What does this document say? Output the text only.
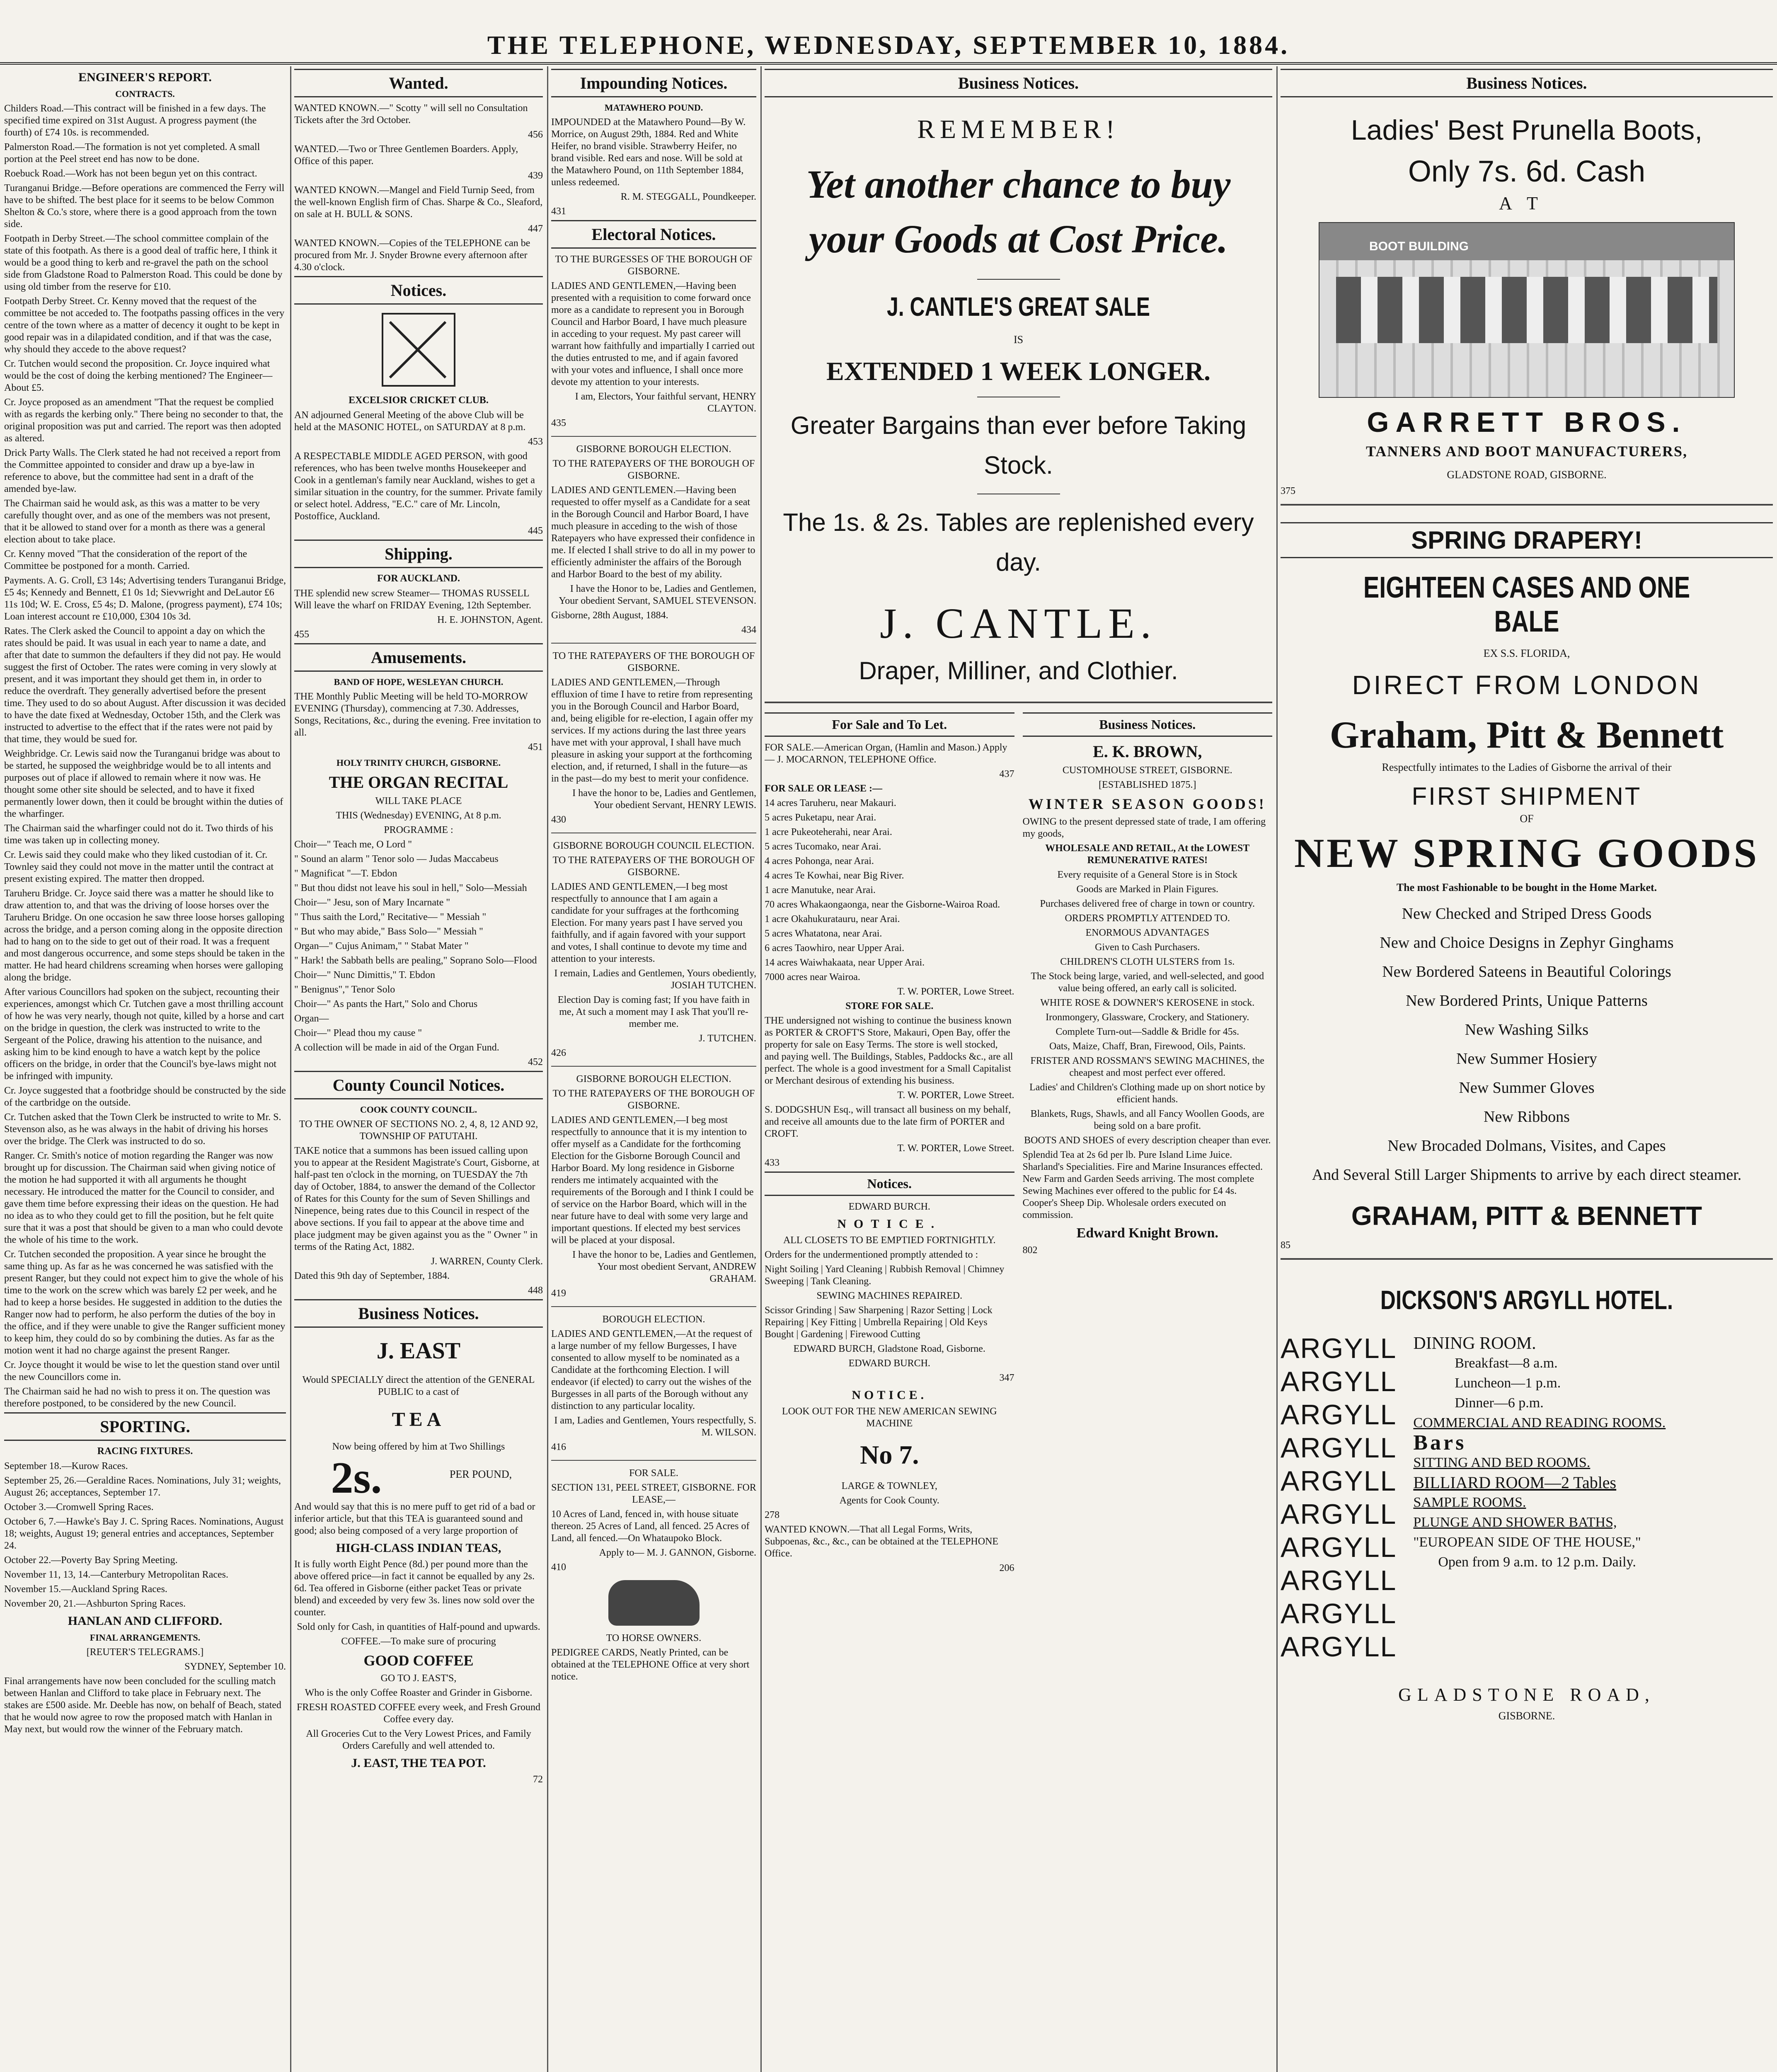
THE TELEPHONE, WEDNESDAY, SEPTEMBER 10, 1884.
ENGINEER'S REPORT.
CONTRACTS.

Childers Road.—This contract will be finished in a few days. The specified time expired on 31st August. A progress payment (the fourth) of £74 10s. is recommended.

Palmerston Road.—The formation is not yet completed. A small portion at the Peel street end has now to be done.

Roebuck Road.—Work has not been begun yet on this contract.

Turanganui Bridge.—Before operations are commenced the Ferry will have to be shifted. The best place for it seems to be below Common Shelton & Co.'s store, where there is a good approach from the town side.

Footpath in Derby Street.—The school committee complain of the state of this footpath. As there is a good deal of traffic here, I think it would be a good thing to kerb and re-gravel the path on the school side from Gladstone Road to Palmerston Road. This could be done by using old timber from the reserve for £10.

Footpath Derby Street. Cr. Kenny moved that the request of the committee be not acceded to. The footpaths passing offices in the very centre of the town where as a matter of decency it ought to be kept in good repair was in a dilapidated condition, and if that was the case, why should they accede to the above request?

Cr. Tutchen would second the proposition. Cr. Joyce inquired what would be the cost of doing the kerbing mentioned? The Engineer—About £5.

Cr. Joyce proposed as an amendment "That the request be complied with as regards the kerbing only." There being no seconder to that, the original proposition was put and carried. The report was then adopted as altered.

Drick Party Walls. The Clerk stated he had not received a report from the Committee appointed to consider and draw up a bye-law in reference to above, but the committee had sent in a draft of the amended bye-law.

The Chairman said he would ask, as this was a matter to be very carefully thought over, and as one of the members was not present, that it be allowed to stand over for a month as there was a general election about to take place.

Cr. Kenny moved "That the consideration of the report of the Committee be postponed for a month. Carried.

Payments. A. G. Croll, £3 14s; Advertising tenders Turanganui Bridge, £5 4s; Kennedy and Bennett, £1 0s 1d; Sievwright and DeLautor £6 11s 10d; W. E. Cross, £5 4s; D. Malone, (progress payment), £74 10s; Loan interest account re £10,000, £304 10s 3d.

Rates. The Clerk asked the Council to appoint a day on which the rates should be paid. It was usual in each year to name a date, and after that date to summon the defaulters if they did not pay. He would suggest the first of October. The rates were coming in very slowly at present, and it was important they should get them in, in order to reduce the overdraft. They generally advertised before the present time. They used to do so about August. After discussion it was decided to have the date fixed at Wednesday, October 15th, and the Clerk was instructed to advertise to the effect that if the rates were not paid by that time, they would be sued for.

Weighbridge. Cr. Lewis said now the Turanganui bridge was about to be started, he supposed the weighbridge would be to all intents and purposes out of place if allowed to remain where it now was. He thought some other site should be selected, and to have it fixed permanently lower down, then it could be brought within the duties of the wharfinger.

The Chairman said the wharfinger could not do it. Two thirds of his time was taken up in collecting money.

Cr. Lewis said they could make who they liked custodian of it. Cr. Townley said they could not move in the matter until the contract at present existing expired. The matter then dropped.

Taruheru Bridge. Cr. Joyce said there was a matter he should like to draw attention to, and that was the driving of loose horses over the Taruheru Bridge. On one occasion he saw three loose horses galloping across the bridge, and a person coming along in the opposite direction had to hang on to the side to get out of their road. It was a frequent and most dangerous occurrence, and some steps should be taken in the matter. He had heard childrens screaming when horses were galloping along the bridge.

After various Councillors had spoken on the subject, recounting their experiences, amongst which Cr. Tutchen gave a most thrilling account of how he was very nearly, though not quite, killed by a horse and cart on the bridge in question, the clerk was instructed to write to the Sergeant of the Police, drawing his attention to the nuisance, and asking him to be kind enough to have a watch kept by the police officers on the bridge, in order that the Council's bye-laws might not be infringed with impunity.

Cr. Joyce suggested that a footbridge should be constructed by the side of the cartbridge on the outside.

Cr. Tutchen asked that the Town Clerk be instructed to write to Mr. S. Stevenson also, as he was always in the habit of driving his horses over the bridge. The Clerk was instructed to do so.

Ranger. Cr. Smith's notice of motion regarding the Ranger was now brought up for discussion. The Chairman said when giving notice of the motion he had supported it with all arguments he thought necessary. He introduced the matter for the Council to consider, and gave them time before expressing their ideas on the question. He had no idea as to who they could get to fill the position, but he felt quite sure that it was a post that should be given to a man who could devote the whole of his time to the work.

Cr. Tutchen seconded the proposition. A year since he brought the same thing up. As far as he was concerned he was satisfied with the present Ranger, but they could not expect him to give the whole of his time to the work on the screw which was barely £2 per week, and he had to keep a horse besides. He suggested in addition to the duties the Ranger now had to perform, he also perform the duties of the boy in the office, and if they were unable to give the Ranger sufficient money to keep him, they could do so by combining the duties. As far as the motion went it had no charge against the present Ranger.

Cr. Joyce thought it would be wise to let the question stand over until the new Councillors come in.

The Chairman said he had no wish to press it on. The question was therefore postponed, to be considered by the new Council.

SPORTING.
RACING FIXTURES.
September 18.—Kurow Races.
September 25, 26.—Geraldine Races. Nominations, July 31; weights, August 26; acceptances, September 17.
October 3.—Cromwell Spring Races.
October 6, 7.—Hawke's Bay J. C. Spring Races. Nominations, August 18; weights, August 19; general entries and acceptances, September 24.
October 22.—Poverty Bay Spring Meeting.
November 11, 13, 14.—Canterbury Metropolitan Races.
November 15.—Auckland Spring Races.
November 20, 21.—Ashburton Spring Races.
HANLAN AND CLIFFORD.
FINAL ARRANGEMENTS.
[REUTER'S TELEGRAMS.]
SYDNEY, September 10.

Final arrangements have now been concluded for the sculling match between Hanlan and Clifford to take place in February next. The stakes are £500 aside. Mr. Deeble has now, on behalf of Beach, stated that he would now agree to row the proposed match with Hanlan in May next, but would row the winner of the February match.

Wanted.

WANTED KNOWN.—" Scotty " will sell no Consultation Tickets after the 3rd October.

456

WANTED.—Two or Three Gentlemen Boarders. Apply, Office of this paper.

439

WANTED KNOWN.—Mangel and Field Turnip Seed, from the well-known English firm of Chas. Sharpe & Co., Sleaford, on sale at H. BULL & SONS.

447

WANTED KNOWN.—Copies of the TELEPHONE can be procured from Mr. J. Snyder Browne every afternoon after 4.30 o'clock.

Notices.
EXCELSIOR CRICKET CLUB.

AN adjourned General Meeting of the above Club will be held at the MASONIC HOTEL, on SATURDAY at 8 p.m.

453

A RESPECTABLE MIDDLE AGED PERSON, with good references, who has been twelve months Housekeeper and Cook in a gentleman's family near Auckland, wishes to get a similar situation in the country, for the summer. Private family or select hotel. Address, "E.C." care of Mr. Lincoln, Postoffice, Auckland.

445
Shipping.
FOR AUCKLAND.

THE splendid new screw Steamer— THOMAS RUSSELL Will leave the wharf on FRIDAY Evening, 12th September.

H. E. JOHNSTON, Agent.
455
Amusements.
BAND OF HOPE, WESLEYAN CHURCH.

THE Monthly Public Meeting will be held TO-MORROW EVENING (Thursday), commencing at 7.30. Addresses, Songs, Recitations, &c., during the evening. Free invitation to all.

451
HOLY TRINITY CHURCH, GISBORNE.
THE ORGAN RECITAL
WILL TAKE PLACE
THIS (Wednesday) EVENING, At 8 p.m.
PROGRAMME :
Choir—" Teach me, O Lord "
" Sound an alarm " Tenor solo — Judas Maccabeus
" Magnificat "—T. Ebdon
" But thou didst not leave his soul in hell," Solo—Messiah
Choir—" Jesu, son of Mary Incarnate "
" Thus saith the Lord," Recitative— " Messiah "
" But who may abide," Bass Solo—" Messiah "
Organ—" Cujus Animam," " Stabat Mater "
" Hark! the Sabbath bells are pealing," Soprano Solo—Flood
Choir—" Nunc Dimittis," T. Ebdon
" Benignus"," Tenor Solo
Choir—" As pants the Hart," Solo and Chorus
Organ—
Choir—" Plead thou my cause "

A collection will be made in aid of the Organ Fund.

452
County Council Notices.
COOK COUNTY COUNCIL.
TO THE OWNER OF SECTIONS NO. 2, 4, 8, 12 AND 92, TOWNSHIP OF PATUTAHI.

TAKE notice that a summons has been issued calling upon you to appear at the Resident Magistrate's Court, Gisborne, at half-past ten o'clock in the morning, on TUESDAY the 7th day of October, 1884, to answer the demand of the Collector of Rates for this County for the sum of Seven Shillings and Ninepence, being rates due to this Council in respect of the above sections. If you fail to appear at the above time and place judgment may be given against you as the " Owner " in terms of the Rating Act, 1882.

J. WARREN, County Clerk.
Dated this 9th day of September, 1884.
448
Business Notices.
J. EAST
Would SPECIALLY direct the attention of the GENERAL PUBLIC to a cast of
TEA
Now being offered by him at Two Shillings
2s.	PER POUND,

And would say that this is no mere puff to get rid of a bad or inferior article, but that this TEA is guaranteed sound and good; also being composed of a very large proportion of

HIGH-CLASS INDIAN TEAS,

It is fully worth Eight Pence (8d.) per pound more than the above offered price—in fact it cannot be equalled by any 2s. 6d. Tea offered in Gisborne (either packet Teas or private blend) and exceeded by very few 3s. lines now sold over the counter.

Sold only for Cash, in quantities of Half-pound and upwards.
COFFEE.—To make sure of procuring
GOOD COFFEE
GO TO J. EAST'S,
Who is the only Coffee Roaster and Grinder in Gisborne.
FRESH ROASTED COFFEE every week, and Fresh Ground Coffee every day.
All Groceries Cut to the Very Lowest Prices, and Family Orders Carefully and well attended to.
J. EAST, THE TEA POT.
72
Impounding Notices.
MATAWHERO POUND.

IMPOUNDED at the Matawhero Pound—By W. Morrice, on August 29th, 1884. Red and White Heifer, no brand visible. Strawberry Heifer, no brand visible. Red ears and nose. Will be sold at the Matawhero Pound, on 11th September 1884, unless redeemed.

R. M. STEGGALL, Poundkeeper.
431
Electoral Notices.
TO THE BURGESSES OF THE BOROUGH OF GISBORNE.

LADIES AND GENTLEMEN,—Having been presented with a requisition to come forward once more as a candidate to represent you in Borough Council and Harbor Board, I have much pleasure in acceding to your request. My past career will warrant how faithfully and impartially I carried out the duties entrusted to me, and if again favored with your votes and influence, I shall once more devote my attention to your interests.

I am, Electors, Your faithful servant, HENRY CLAYTON.
435
GISBORNE BOROUGH ELECTION.
TO THE RATEPAYERS OF THE BOROUGH OF GISBORNE.

LADIES AND GENTLEMEN.—Having been requested to offer myself as a Candidate for a seat in the Borough Council and Harbor Board, I have much pleasure in acceding to the wish of those Ratepayers who have expressed their confidence in me. If elected I shall strive to do all in my power to efficiently administer the affairs of the Borough and Harbor Board to the best of my ability.

I have the Honor to be, Ladies and Gentlemen, Your obedient Servant, SAMUEL STEVENSON.
Gisborne, 28th August, 1884.
434
TO THE RATEPAYERS OF THE BOROUGH OF GISBORNE.

LADIES AND GENTLEMEN,—Through effluxion of time I have to retire from representing you in the Borough Council and Harbor Board, and, being eligible for re-election, I again offer my services. If my actions during the last three years have met with your approval, I shall have much pleasure in asking your support at the forthcoming election, and, if returned, I shall in the future—as in the past—do my best to merit your confidence.

I have the honor to be, Ladies and Gentlemen, Your obedient Servant, HENRY LEWIS.
430
GISBORNE BOROUGH COUNCIL ELECTION.
TO THE RATEPAYERS OF THE BOROUGH OF GISBORNE.

LADIES AND GENTLEMEN,—I beg most respectfully to announce that I am again a candidate for your suffrages at the forthcoming Election. For many years past I have served you faithfully, and if again favored with your support and votes, I shall continue to devote my time and attention to your interests.

I remain, Ladies and Gentlemen, Yours obediently, JOSIAH TUTCHEN.
Election Day is coming fast; If you have faith in me, At such a moment may I ask That you'll re-member me.
J. TUTCHEN.
426
GISBORNE BOROUGH ELECTION.
TO THE RATEPAYERS OF THE BOROUGH OF GISBORNE.

LADIES AND GENTLEMEN,—I beg most respectfully to announce that it is my intention to offer myself as a Candidate for the forthcoming Election for the Gisborne Borough Council and Harbor Board. My long residence in Gisborne renders me intimately acquainted with the requirements of the Borough and I think I could be of service on the Harbor Board, which will in the near future have to deal with some very large and important questions. If elected my best services will be placed at your disposal.

I have the honor to be, Ladies and Gentlemen, Your most obedient Servant, ANDREW GRAHAM.
419
BOROUGH ELECTION.

LADIES AND GENTLEMEN,—At the request of a large number of my fellow Burgesses, I have consented to allow myself to be nominated as a Candidate at the forthcoming Election. I will endeavor (if elected) to carry out the wishes of the Burgesses in all parts of the Borough without any distinction to any particular locality.

I am, Ladies and Gentlemen, Yours respectfully, S. M. WILSON.
416
FOR SALE.
SECTION 131, PEEL STREET, GISBORNE. FOR LEASE,—

10 Acres of Land, fenced in, with house situate thereon. 25 Acres of Land, all fenced. 25 Acres of Land, all fenced.—On Whataupoko Block.

Apply to— M. J. GANNON, Gisborne.
410
TO HORSE OWNERS.

PEDIGREE CARDS, Neatly Printed, can be obtained at the TELEPHONE Office at very short notice.

Business Notices.
REMEMBER!
Yet another chance to buy your Goods at Cost Price.
J. CANTLE'S GREAT SALE
IS
EXTENDED 1 WEEK LONGER.
Greater Bargains than ever before Taking Stock.
The 1s. & 2s. Tables are replenished every day.
J. CANTLE.
Draper, Milliner, and Clothier.
For Sale and To Let.

FOR SALE.—American Organ, (Hamlin and Mason.) Apply — J. MOCARNON, TELEPHONE Office.

437
FOR SALE OR LEASE :—
14 acres Taruheru, near Makauri.
5 acres Puketapu, near Arai.
1 acre Pukeoteherahi, near Arai.
5 acres Tucomako, near Arai.
4 acres Pohonga, near Arai.
4 acres Te Kowhai, near Big River.
1 acre Manutuke, near Arai.
70 acres Whakaongaonga, near the Gisborne-Wairoa Road.
1 acre Okahukuratauru, near Arai.
5 acres Whatatona, near Arai.
6 acres Taowhiro, near Upper Arai.
14 acres Waiwhakaata, near Upper Arai.
7000 acres near Wairoa.
T. W. PORTER, Lowe Street.
STORE FOR SALE.

THE undersigned not wishing to continue the business known as PORTER & CROFT'S Store, Makauri, Open Bay, offer the property for sale on Easy Terms. The store is well stocked, and paying well. The Buildings, Stables, Paddocks &c., are all perfect. The whole is a good investment for a Small Capitalist or Merchant desirous of extending his business.

T. W. PORTER, Lowe Street.

S. DODGSHUN Esq., will transact all business on my behalf, and receive all amounts due to the late firm of PORTER and CROFT.

T. W. PORTER, Lowe Street.
433
Notices.
EDWARD BURCH.
NOTICE.
ALL CLOSETS TO BE EMPTIED FORTNIGHTLY.
Orders for the undermentioned promptly attended to :
Night Soiling | Yard Cleaning | Rubbish Removal | Chimney Sweeping | Tank Cleaning.
SEWING MACHINES REPAIRED.
Scissor Grinding | Saw Sharpening | Razor Setting | Lock Repairing | Key Fitting | Umbrella Repairing | Old Keys Bought | Gardening | Firewood Cutting
EDWARD BURCH, Gladstone Road, Gisborne.
EDWARD BURCH.
347
NOTICE.
LOOK OUT FOR THE NEW AMERICAN SEWING MACHINE
No 7.
LARGE & TOWNLEY,
Agents for Cook County.
278

WANTED KNOWN.—That all Legal Forms, Writs, Subpoenas, &c., &c., can be obtained at the TELEPHONE Office.

206
Business Notices.
E. K. BROWN,
CUSTOMHOUSE STREET, GISBORNE.
[ESTABLISHED 1875.]
WINTER SEASON GOODS!

OWING to the present depressed state of trade, I am offering my goods,

WHOLESALE AND RETAIL, At the LOWEST REMUNERATIVE RATES!
Every requisite of a General Store is in Stock
Goods are Marked in Plain Figures.
Purchases delivered free of charge in town or country.
ORDERS PROMPTLY ATTENDED TO.
ENORMOUS ADVANTAGES
Given to Cash Purchasers.
CHILDREN'S CLOTH ULSTERS from 1s.
The Stock being large, varied, and well-selected, and good value being offered, an early call is solicited.
WHITE ROSE & DOWNER'S KEROSENE in stock.
Ironmongery, Glassware, Crockery, and Stationery.
Complete Turn-out—Saddle & Bridle for 45s.
Oats, Maize, Chaff, Bran, Firewood, Oils, Paints.
FRISTER AND ROSSMAN'S SEWING MACHINES, the cheapest and most perfect ever offered.
Ladies' and Children's Clothing made up on short notice by efficient hands.
Blankets, Rugs, Shawls, and all Fancy Woollen Goods, are being sold on a bare profit.
BOOTS AND SHOES of every description cheaper than ever.
Splendid Tea at 2s 6d per lb. Pure Island Lime Juice. Sharland's Specialities. Fire and Marine Insurances effected. New Farm and Garden Seeds arriving. The most complete Sewing Machines ever offered to the public for £4 4s. Cooper's Sheep Dip. Wholesale orders executed on commission.
Edward Knight Brown.
802
Business Notices.
Ladies' Best Prunella Boots,
Only 7s. 6d. Cash
AT
BOOT BUILDING
GARRETT BROS.
TANNERS AND BOOT MANUFACTURERS,
GLADSTONE ROAD, GISBORNE.
375
SPRING DRAPERY!
EIGHTEEN CASES AND ONE BALE
EX S.S. FLORIDA,
DIRECT FROM LONDON
Graham, Pitt & Bennett
Respectfully intimates to the Ladies of Gisborne the arrival of their
FIRST SHIPMENT
OF
NEW SPRING GOODS
The most Fashionable to be bought in the Home Market.
New Checked and Striped Dress Goods
New and Choice Designs in Zephyr Ginghams
New Bordered Sateens in Beautiful Colorings
New Bordered Prints, Unique Patterns
New Washing Silks
New Summer Hosiery
New Summer Gloves
New Ribbons
New Brocaded Dolmans, Visites, and Capes
And Several Still Larger Shipments to arrive by each direct steamer.
GRAHAM, PITT & BENNETT
85
DICKSON'S ARGYLL HOTEL.
ARGYLL
ARGYLL
ARGYLL
ARGYLL
ARGYLL
ARGYLL
ARGYLL
ARGYLL
ARGYLL
ARGYLL
DINING ROOM.
Breakfast—8 a.m.
Luncheon—1 p.m.
Dinner—6 p.m.
COMMERCIAL AND READING ROOMS.
Bars
SITTING AND BED ROOMS.
BILLIARD ROOM—2 Tables
SAMPLE ROOMS.
PLUNGE AND SHOWER BATHS,
"EUROPEAN SIDE OF THE HOUSE,"
Open from 9 a.m. to 12 p.m. Daily.
GLADSTONE ROAD,
GISBORNE.
